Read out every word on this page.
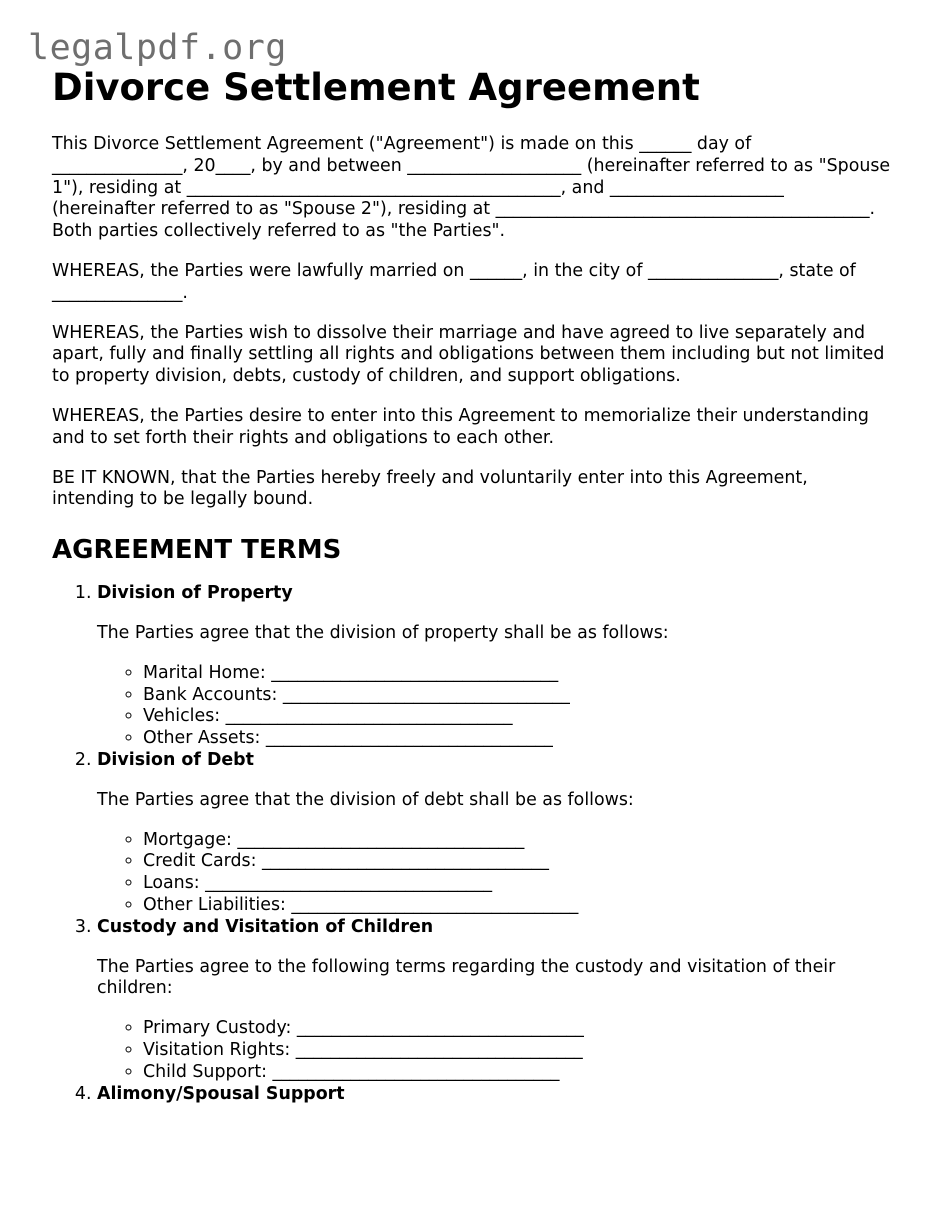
legalpdf.org
Divorce Settlement Agreement

This Divorce Settlement Agreement ("Agreement") is made on this ______ day of _______________, 20____, by and between ____________________ (hereinafter referred to as "Spouse 1"), residing at ___________________________________________, and ____________________ (hereinafter referred to as "Spouse 2"), residing at ___________________________________________. Both parties collectively referred to as "the Parties".

WHEREAS, the Parties were lawfully married on ______, in the city of _______________, state of _______________.

WHEREAS, the Parties wish to dissolve their marriage and have agreed to live separately and apart, fully and finally settling all rights and obligations between them including but not limited to property division, debts, custody of children, and support obligations.

WHEREAS, the Parties desire to enter into this Agreement to memorialize their understanding and to set forth their rights and obligations to each other.

BE IT KNOWN, that the Parties hereby freely and voluntarily enter into this Agreement, intending to be legally bound.

AGREEMENT TERMS
1. Division of Property

The Parties agree that the division of property shall be as follows:

◦ Marital Home: _________________________________
◦ Bank Accounts: _________________________________
◦ Vehicles: _________________________________
◦ Other Assets: _________________________________
2. Division of Debt

The Parties agree that the division of debt shall be as follows:

◦ Mortgage: _________________________________
◦ Credit Cards: _________________________________
◦ Loans: _________________________________
◦ Other Liabilities: _________________________________
3. Custody and Visitation of Children

The Parties agree to the following terms regarding the custody and visitation of their children:

◦ Primary Custody: _________________________________
◦ Visitation Rights: _________________________________
◦ Child Support: _________________________________
4. Alimony/Spousal Support
